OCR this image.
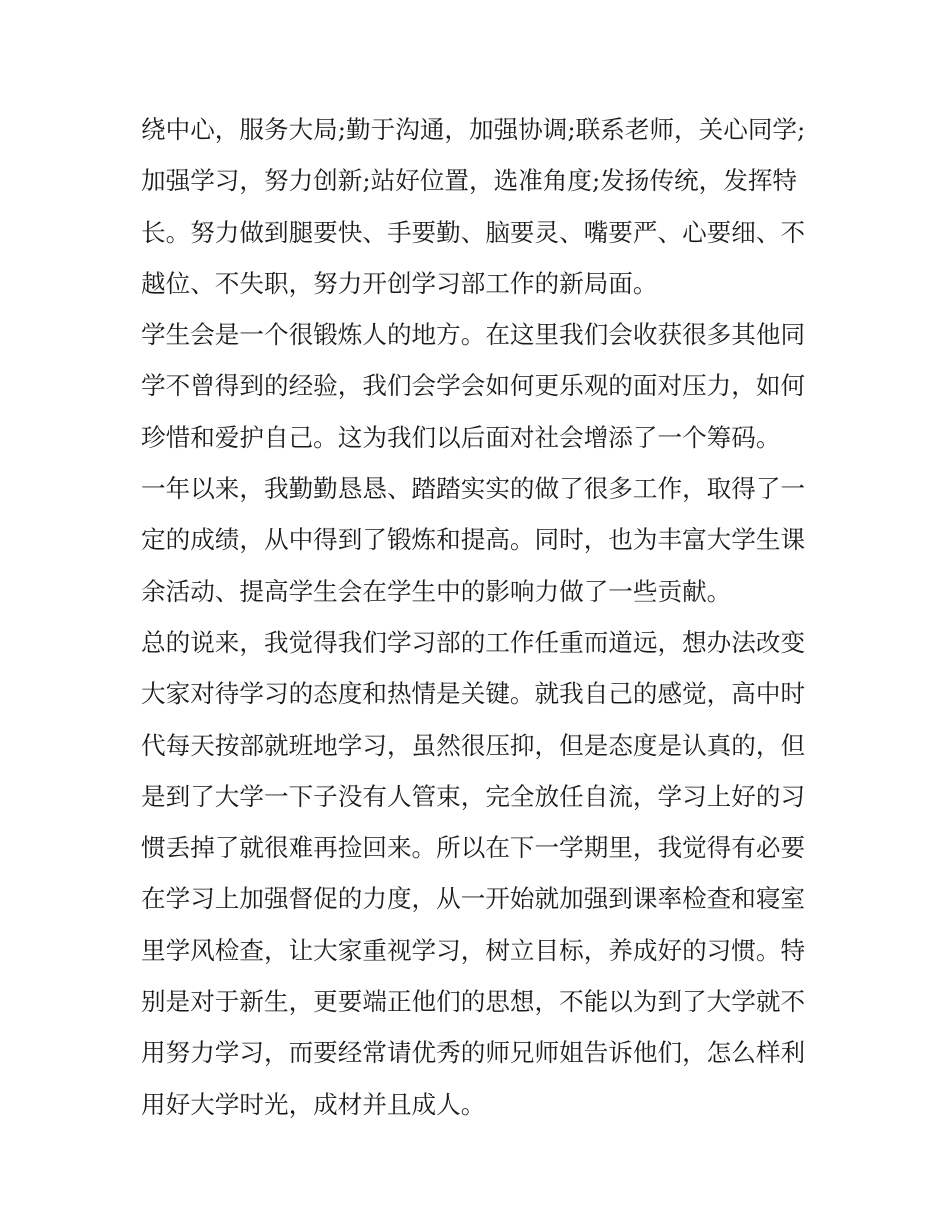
绕中心，服务大局;勤于沟通，加强协调;联系老师，关心同学;
加强学习，努力创新;站好位置，选准角度;发扬传统，发挥特
长。努力做到腿要快、手要勤、脑要灵、嘴要严、心要细、不
越位、不失职，努力开创学习部工作的新局面。
学生会是一个很锻炼人的地方。在这里我们会收获很多其他同
学不曾得到的经验，我们会学会如何更乐观的面对压力，如何
珍惜和爱护自己。这为我们以后面对社会增添了一个筹码。
一年以来，我勤勤恳恳、踏踏实实的做了很多工作，取得了一
定的成绩，从中得到了锻炼和提高。同时，也为丰富大学生课
余活动、提高学生会在学生中的影响力做了一些贡献。
总的说来，我觉得我们学习部的工作任重而道远，想办法改变
大家对待学习的态度和热情是关键。就我自己的感觉，高中时
代每天按部就班地学习，虽然很压抑，但是态度是认真的，但
是到了大学一下子没有人管束，完全放任自流，学习上好的习
惯丢掉了就很难再捡回来。所以在下一学期里，我觉得有必要
在学习上加强督促的力度，从一开始就加强到课率检查和寝室
里学风检查，让大家重视学习，树立目标，养成好的习惯。特
别是对于新生，更要端正他们的思想，不能以为到了大学就不
用努力学习，而要经常请优秀的师兄师姐告诉他们，怎么样利
用好大学时光，成材并且成人。
